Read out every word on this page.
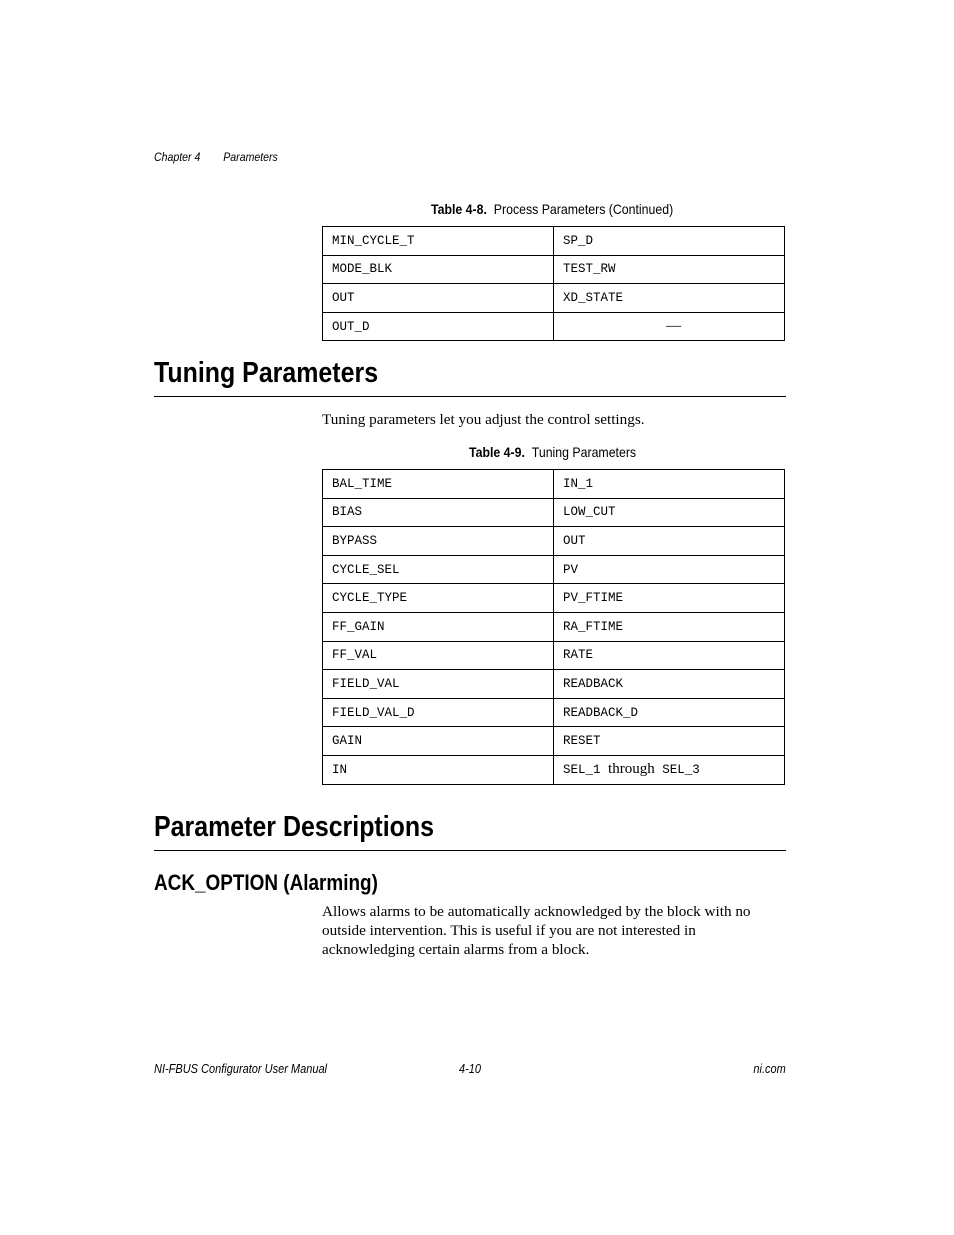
Chapter 4 Parameters
Table 4-8. Process Parameters (Continued)
MIN_CYCLE_T	SP_D
MODE_BLK	TEST_RW
OUT	XD_STATE
OUT_D	—
Tuning Parameters
Tuning parameters let you adjust the control settings.
Table 4-9. Tuning Parameters
BAL_TIME	IN_1
BIAS	LOW_CUT
BYPASS	OUT
CYCLE_SEL	PV
CYCLE_TYPE	PV_FTIME
FF_GAIN	RA_FTIME
FF_VAL	RATE
FIELD_VAL	READBACK
FIELD_VAL_D	READBACK_D
GAIN	RESET
IN	SEL_1 through SEL_3
Parameter Descriptions
ACK_OPTION (Alarming)
Allows alarms to be automatically acknowledged by the block with no
outside intervention. This is useful if you are not interested in
acknowledging certain alarms from a block.
NI-FBUS Configurator User Manual	4-10	ni.com
